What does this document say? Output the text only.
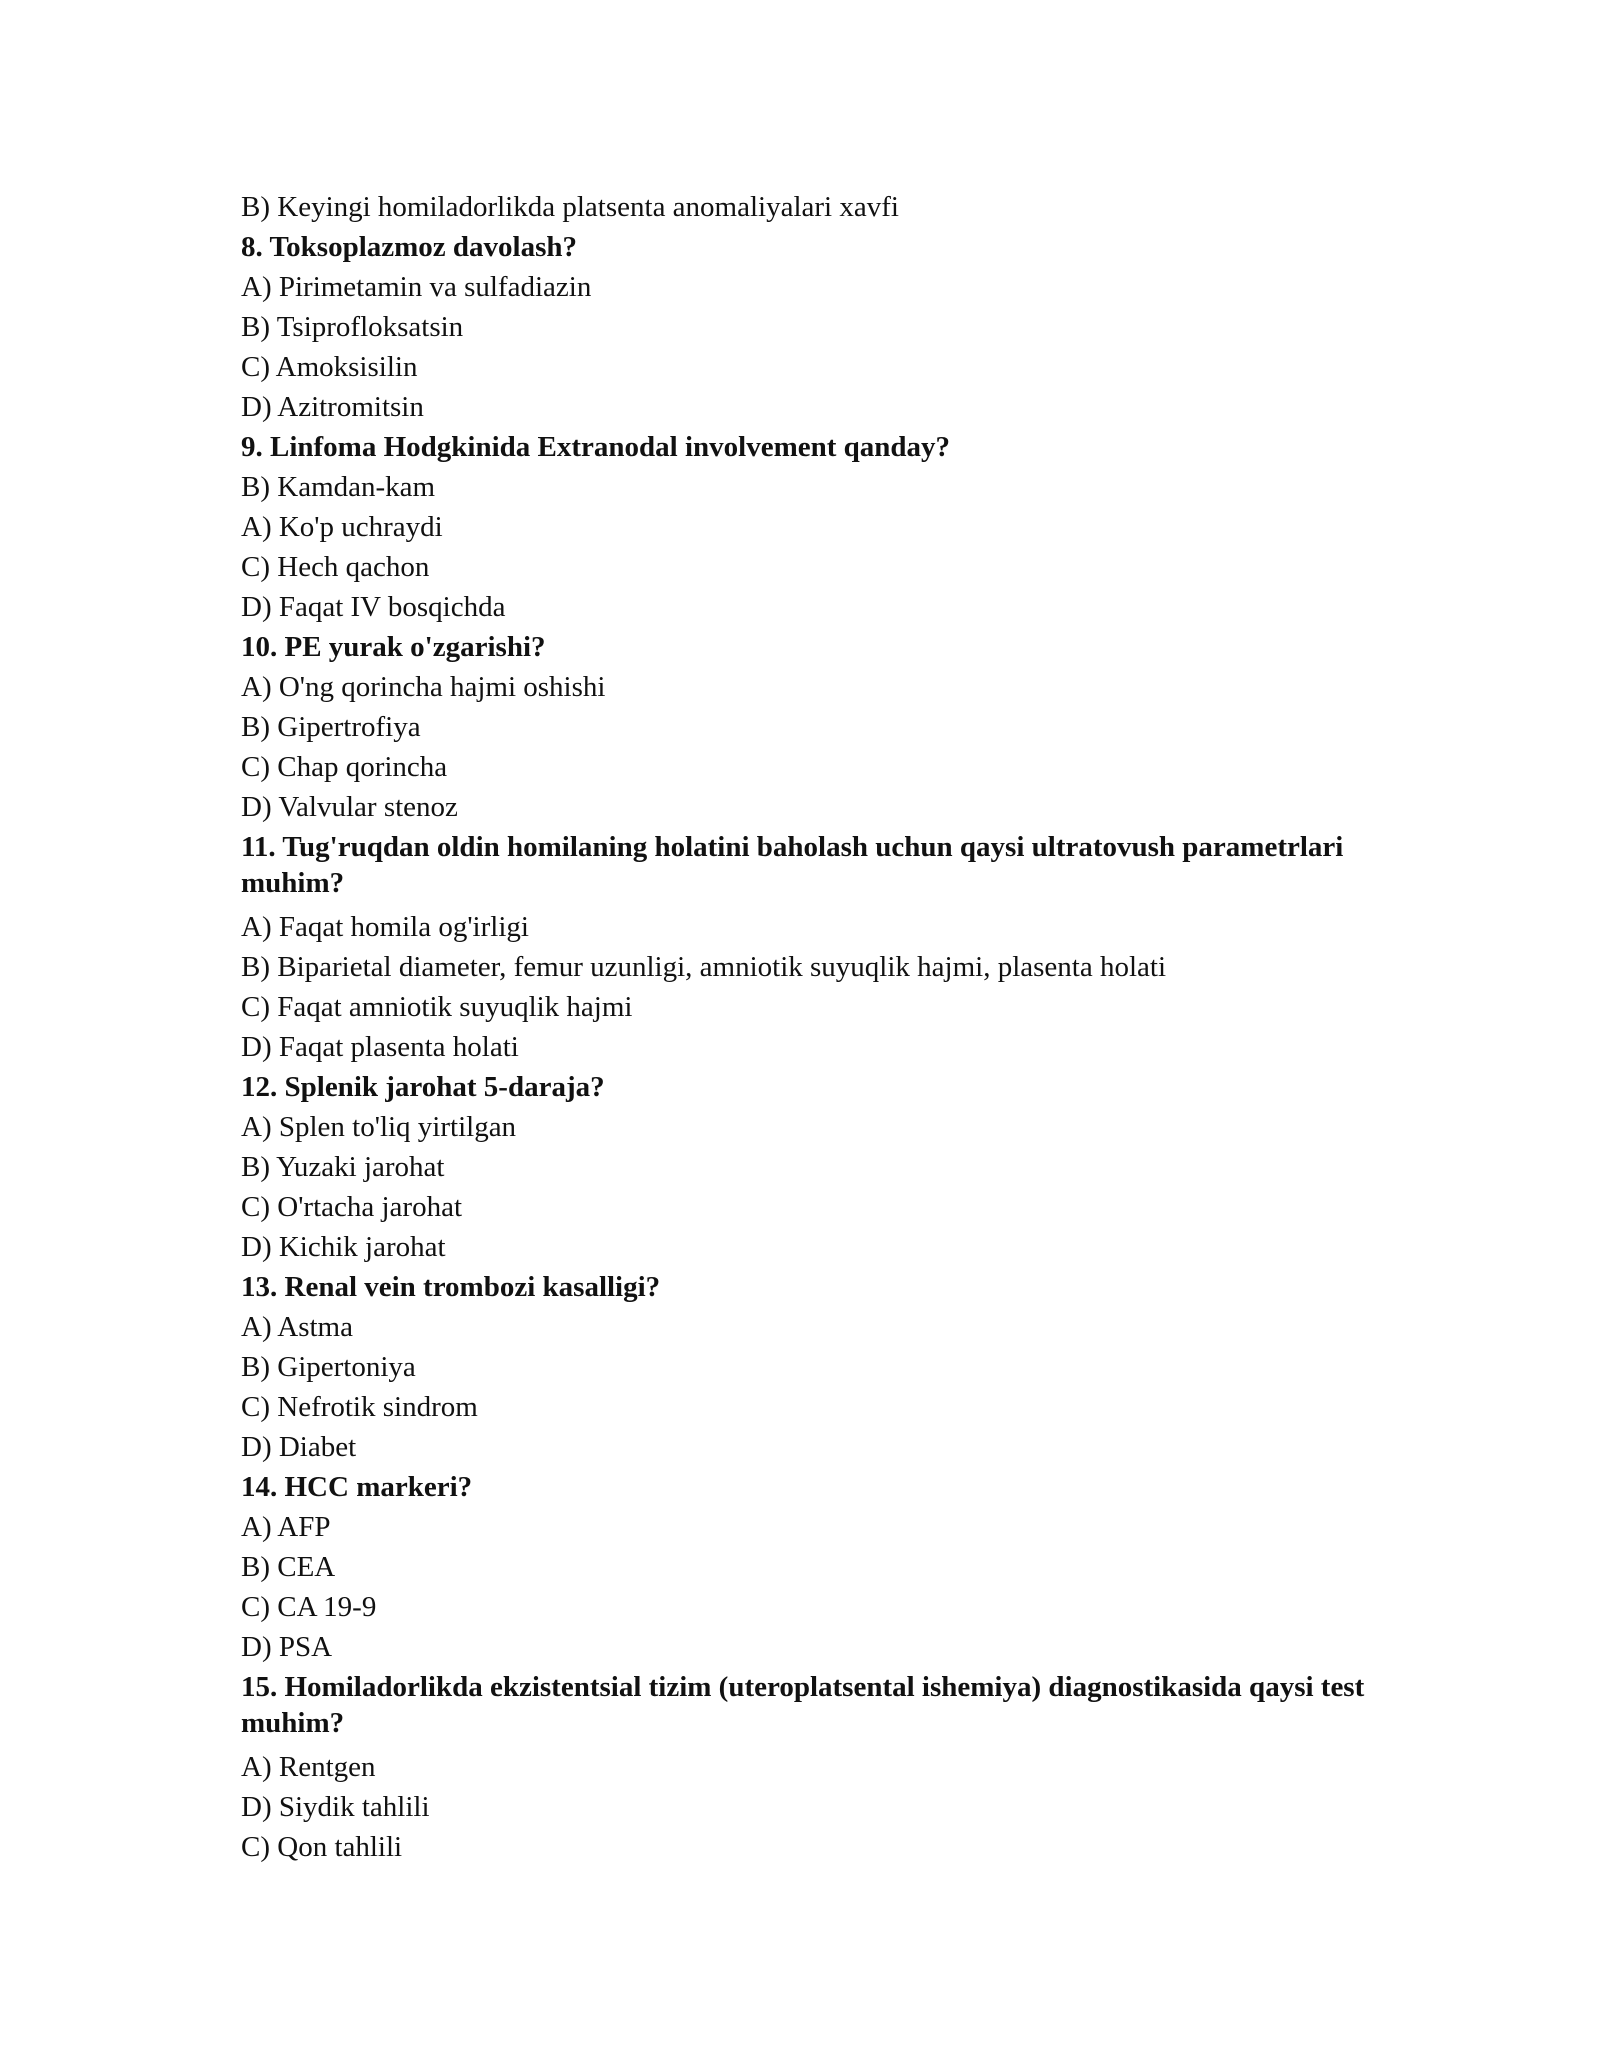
B) Keyingi homiladorlikda platsenta anomaliyalari xavfi
8. Toksoplazmoz davolash?
A) Pirimetamin va sulfadiazin
B) Tsiprofloksatsin
C) Amoksisilin
D) Azitromitsin
9. Linfoma Hodgkinida Extranodal involvement qanday?
B) Kamdan-kam
A) Ko'p uchraydi
C) Hech qachon
D) Faqat IV bosqichda
10. PE yurak o'zgarishi?
A) O'ng qorincha hajmi oshishi
B) Gipertrofiya
C) Chap qorincha
D) Valvular stenoz
11. Tug'ruqdan oldin homilaning holatini baholash uchun qaysi ultratovush parametrlari muhim?
A) Faqat homila og'irligi
B) Biparietal diameter, femur uzunligi, amniotik suyuqlik hajmi, plasenta holati
C) Faqat amniotik suyuqlik hajmi
D) Faqat plasenta holati
12. Splenik jarohat 5-daraja?
A) Splen to'liq yirtilgan
B) Yuzaki jarohat
C) O'rtacha jarohat
D) Kichik jarohat
13. Renal vein trombozi kasalligi?
A) Astma
B) Gipertoniya
C) Nefrotik sindrom
D) Diabet
14. HCC markeri?
A) AFP
B) CEA
C) CA 19-9
D) PSA
15. Homiladorlikda ekzistentsial tizim (uteroplatsental ishemiya) diagnostikasida qaysi test muhim?
A) Rentgen
D) Siydik tahlili
C) Qon tahlili
